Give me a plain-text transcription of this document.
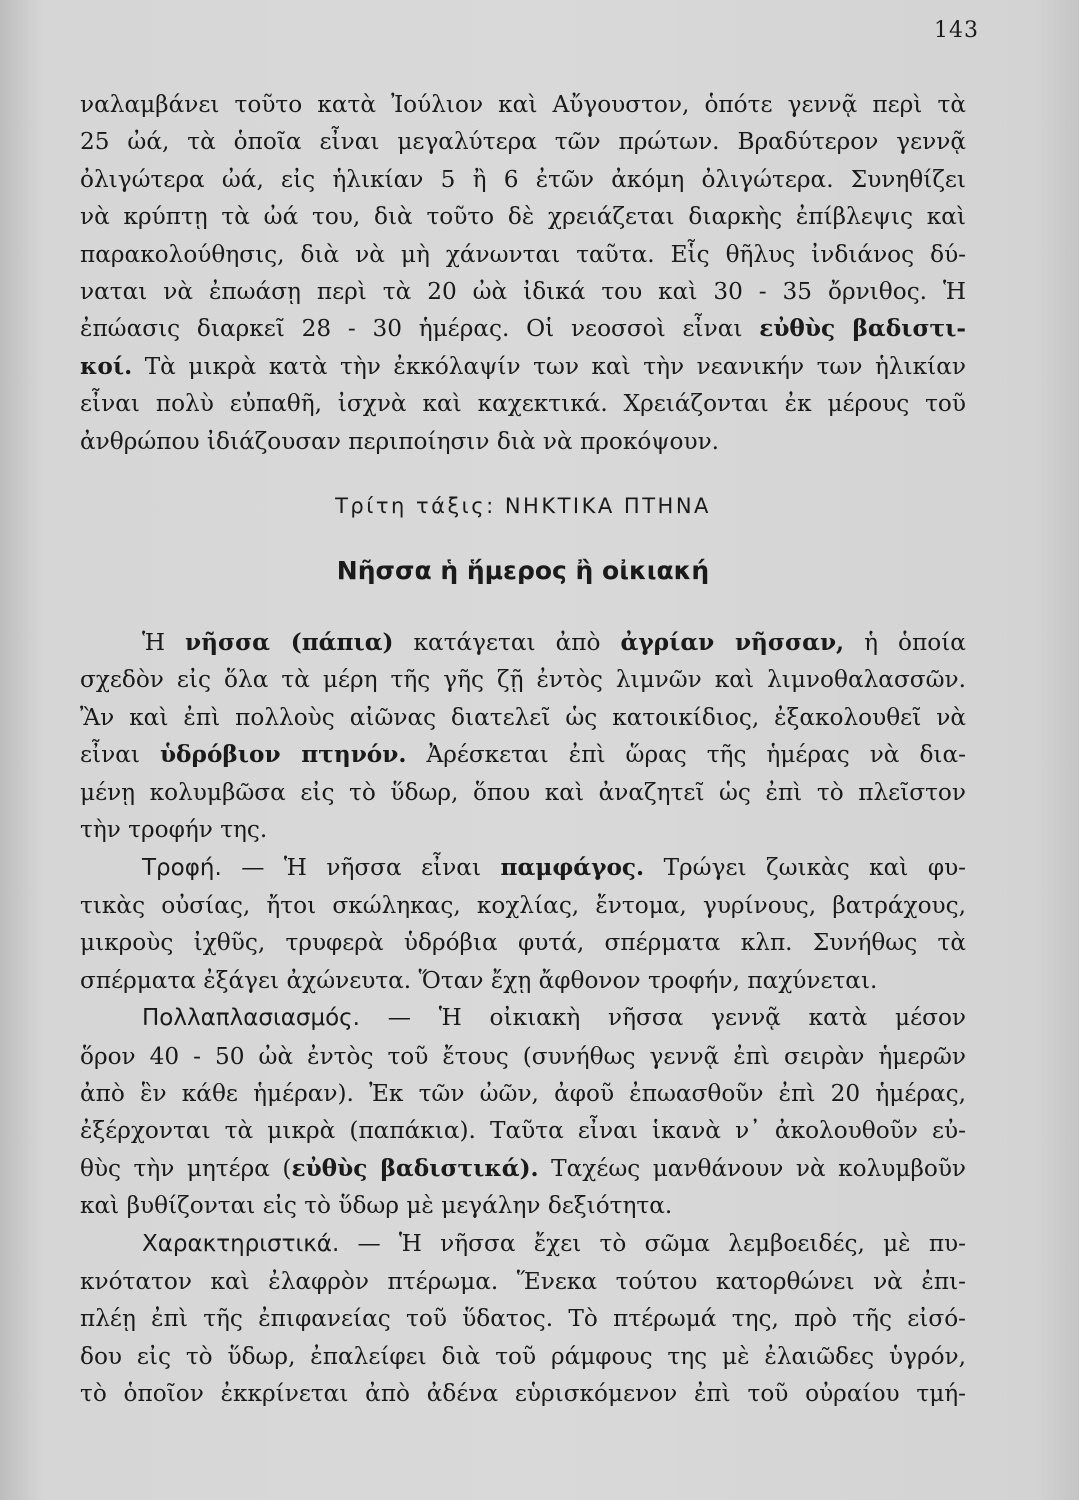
143
ναλαμβάνει τοῦτο κατὰ Ἰούλιον καὶ Αὔγουστον, ὁπότε γεννᾷ περὶ τὰ
25 ὠά, τὰ ὁποῖα εἶναι μεγαλύτερα τῶν πρώτων. Βραδύτερον γεννᾷ
ὀλιγώτερα ὠά, εἰς ἡλικίαν 5 ἢ 6 ἐτῶν ἀκόμη ὀλιγώτερα. Συνηθίζει
νὰ κρύπτῃ τὰ ὠά του, διὰ τοῦτο δὲ χρειάζεται διαρκὴς ἐπίβλεψις καὶ
παρακολούθησις, διὰ νὰ μὴ χάνωνται ταῦτα. Εἷς θῆλυς ἰνδιάνος δύ-
ναται νὰ ἐπωάσῃ περὶ τὰ 20 ὠὰ ἰδικά του καὶ 30 - 35 ὄρνιθος. Ἡ
ἐπώασις διαρκεῖ 28 - 30 ἡμέρας. Οἱ νεοσσοὶ εἶναι εὐθὺς βαδιστι-
κοί. Τὰ μικρὰ κατὰ τὴν ἐκκόλαψίν των καὶ τὴν νεανικήν των ἡλικίαν
εἶναι πολὺ εὐπαθῆ, ἰσχνὰ καὶ καχεκτικά. Χρειάζονται ἐκ μέρους τοῦ
ἀνθρώπου ἰδιάζουσαν περιποίησιν διὰ νὰ προκόψουν.
Τρίτη τάξις: ΝΗΚΤΙΚΑ ΠΤΗΝΑ
Νῆσσα ἡ ἥμερος ἢ οἰκιακή
Ἡ νῆσσα (πάπια) κατάγεται ἀπὸ ἀγρίαν νῆσσαν, ἡ ὁποία
σχεδὸν εἰς ὅλα τὰ μέρη τῆς γῆς ζῇ ἐντὸς λιμνῶν καὶ λιμνοθαλασσῶν.
Ἂν καὶ ἐπὶ πολλοὺς αἰῶνας διατελεῖ ὡς κατοικίδιος, ἐξακολουθεῖ νὰ
εἶναι ὑδρόβιον πτηνόν. Ἀρέσκεται ἐπὶ ὥρας τῆς ἡμέρας νὰ δια-
μένῃ κολυμβῶσα εἰς τὸ ὕδωρ, ὅπου καὶ ἀναζητεῖ ὡς ἐπὶ τὸ πλεῖστον
τὴν τροφήν της.
Τροφή. — Ἡ νῆσσα εἶναι παμφάγος. Τρώγει ζωικὰς καὶ φυ-
τικὰς οὐσίας, ἤτοι σκώληκας, κοχλίας, ἔντομα, γυρίνους, βατράχους,
μικροὺς ἰχθῦς, τρυφερὰ ὑδρόβια φυτά, σπέρματα κλπ. Συνήθως τὰ
σπέρματα ἐξάγει ἀχώνευτα. Ὅταν ἔχῃ ἄφθονον τροφήν, παχύνεται.
Πολλαπλασιασμός. — Ἡ οἰκιακὴ νῆσσα γεννᾷ κατὰ μέσον
ὅρον 40 - 50 ὠὰ ἐντὸς τοῦ ἔτους (συνήθως γεννᾷ ἐπὶ σειρὰν ἡμερῶν
ἀπὸ ἓν κάθε ἡμέραν). Ἐκ τῶν ὠῶν, ἀφοῦ ἐπωασθοῦν ἐπὶ 20 ἡμέρας,
ἐξέρχονται τὰ μικρὰ (παπάκια). Ταῦτα εἶναι ἱκανὰ ν᾿ ἀκολουθοῦν εὐ-
θὺς τὴν μητέρα (εὐθὺς βαδιστικά). Ταχέως μανθάνουν νὰ κολυμβοῦν
καὶ βυθίζονται εἰς τὸ ὕδωρ μὲ μεγάλην δεξιότητα.
Χαρακτηριστικά. — Ἡ νῆσσα ἔχει τὸ σῶμα λεμβοειδές, μὲ πυ-
κνότατον καὶ ἐλαφρὸν πτέρωμα. Ἕνεκα τούτου κατορθώνει νὰ ἐπι-
πλέῃ ἐπὶ τῆς ἐπιφανείας τοῦ ὕδατος. Τὸ πτέρωμά της, πρὸ τῆς εἰσό-
δου εἰς τὸ ὕδωρ, ἐπαλείφει διὰ τοῦ ράμφους της μὲ ἐλαιῶδες ὑγρόν,
τὸ ὁποῖον ἐκκρίνεται ἀπὸ ἀδένα εὑρισκόμενον ἐπὶ τοῦ οὐραίου τμή-
